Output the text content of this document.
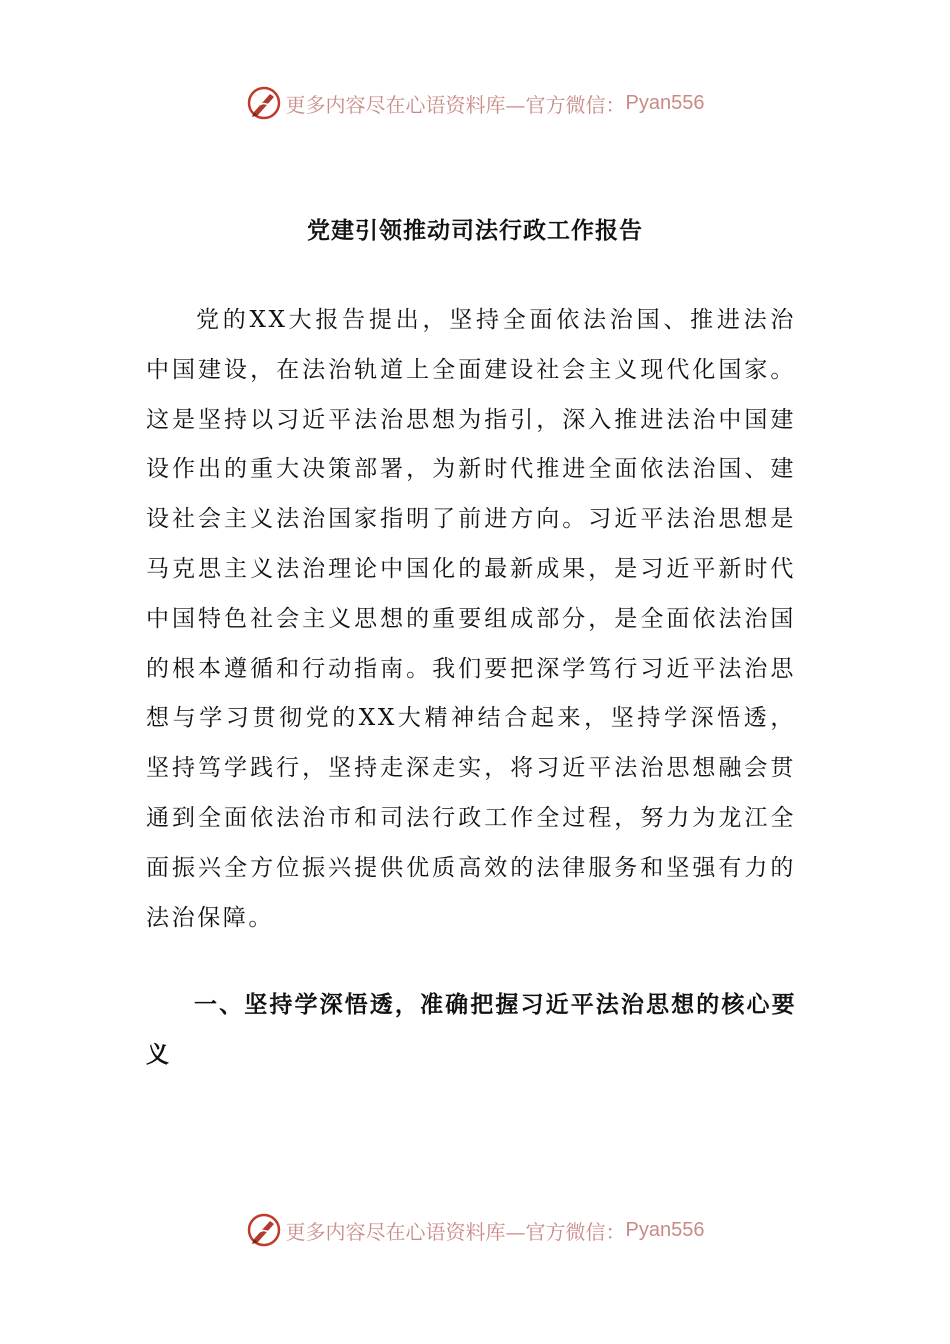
更多内容尽在心语资料库—官方微信： Pyan556
党建引领推动司法行政工作报告

党的XX大报告提出，坚持全面依法治国、推进法治中国建设，在法治轨道上全面建设社会主义现代化国家。这是坚持以习近平法治思想为指引，深入推进法治中国建设作出的重大决策部署，为新时代推进全面依法治国、建设社会主义法治国家指明了前进方向。习近平法治思想是马克思主义法治理论中国化的最新成果，是习近平新时代中国特色社会主义思想的重要组成部分，是全面依法治国的根本遵循和行动指南。我们要把深学笃行习近平法治思想与学习贯彻党的XX大精神结合起来，坚持学深悟透，坚持笃学践行，坚持走深走实，将习近平法治思想融会贯通到全面依法治市和司法行政工作全过程，努力为龙江全面振兴全方位振兴提供优质高效的法律服务和坚强有力的法治保障。

一、坚持学深悟透，准确把握习近平法治思想的核心要义

更多内容尽在心语资料库—官方微信： Pyan556
